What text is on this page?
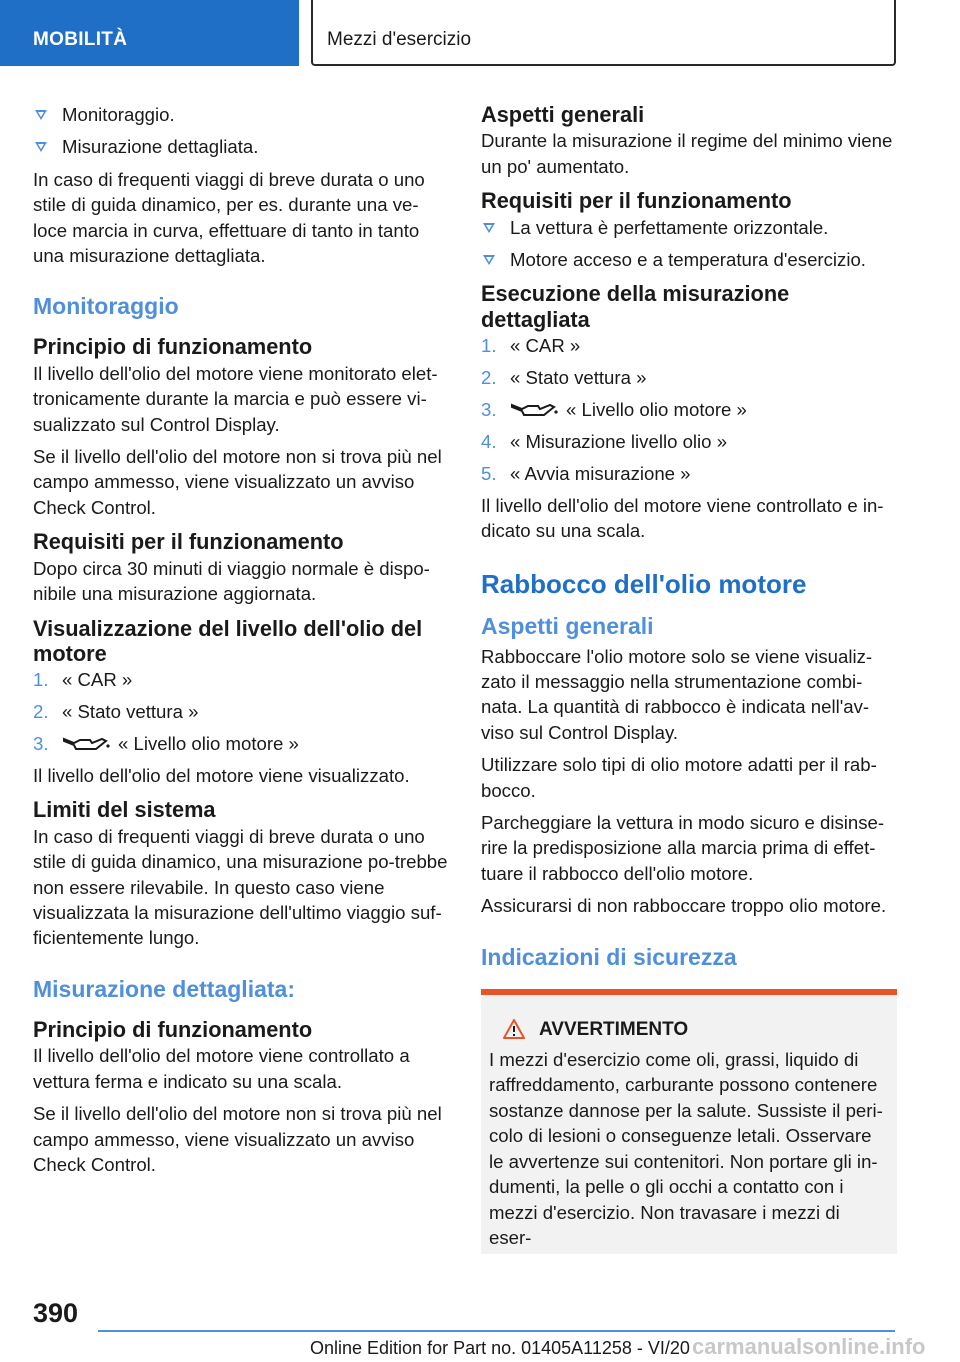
MOBILITÀ	Mezzi d'esercizio
Monitoraggio.
Misurazione dettagliata.

In caso di frequenti viaggi di breve durata o uno stile di guida dinamico, per es. durante una ve-loce marcia in curva, effettuare di tanto in tanto una misurazione dettagliata.

Monitoraggio
Principio di funzionamento

Il livello dell'olio del motore viene monitorato elet-tronicamente durante la marcia e può essere vi-sualizzato sul Control Display.

Se il livello dell'olio del motore non si trova più nel campo ammesso, viene visualizzato un avviso Check Control.

Requisiti per il funzionamento

Dopo circa 30 minuti di viaggio normale è dispo-nibile una misurazione aggiornata.

Visualizzazione del livello dell'olio del motore
1. « CAR »
2. « Stato vettura »
3.	« Livello olio motore »

Il livello dell'olio del motore viene visualizzato.

Limiti del sistema

In caso di frequenti viaggi di breve durata o uno stile di guida dinamico, una misurazione po-trebbe non essere rilevabile. In questo caso viene visualizzata la misurazione dell'ultimo viaggio suf-ficientemente lungo.

Misurazione dettagliata:
Principio di funzionamento

Il livello dell'olio del motore viene controllato a vettura ferma e indicato su una scala.

Se il livello dell'olio del motore non si trova più nel campo ammesso, viene visualizzato un avviso Check Control.

Aspetti generali

Durante la misurazione il regime del minimo viene un po' aumentato.

Requisiti per il funzionamento
La vettura è perfettamente orizzontale.
Motore acceso e a temperatura d'esercizio.
Esecuzione della misurazione dettagliata
1. « CAR »
2. « Stato vettura »
3.	« Livello olio motore »
4. « Misurazione livello olio »
5. « Avvia misurazione »

Il livello dell'olio del motore viene controllato e in-dicato su una scala.

Rabbocco dell'olio motore
Aspetti generali

Rabboccare l'olio motore solo se viene visualiz-zato il messaggio nella strumentazione combi-nata. La quantità di rabbocco è indicata nell'av-viso sul Control Display.

Utilizzare solo tipi di olio motore adatti per il rab-bocco.

Parcheggiare la vettura in modo sicuro e disinse-rire la predisposizione alla marcia prima di effet-tuare il rabbocco dell'olio motore.

Assicurarsi di non rabboccare troppo olio motore.

Indicazioni di sicurezza
AVVERTIMENTO

I mezzi d'esercizio come oli, grassi, liquido di raffreddamento, carburante possono contenere sostanze dannose per la salute. Sussiste il peri-colo di lesioni o conseguenze letali. Osservare le avvertenze sui contenitori. Non portare gli in-dumenti, la pelle o gli occhi a contatto con i mezzi d'esercizio. Non travasare i mezzi di eser-

390
Online Edition for Part no. 01405A11258 - VI/20 carmanualsonline.info
